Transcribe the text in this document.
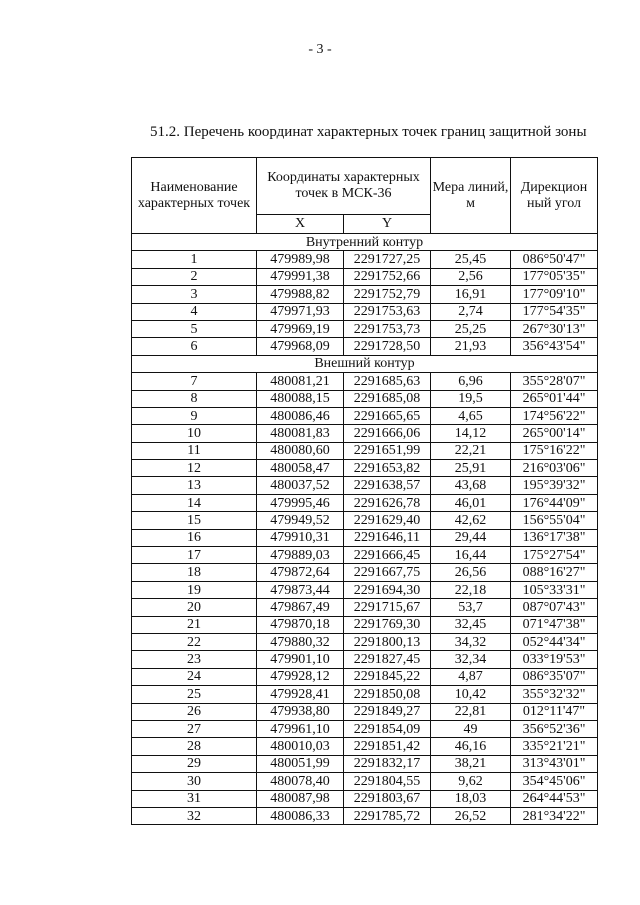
- 3 -
51.2. Перечень координат характерных точек границ защитной зоны
Наименование характерных точек	Координаты характерных точек в МСК-36		Мера линий, м	Дирекцион ный угол
	X	Y		
Внутренний контур				
1	479989,98	2291727,25	25,45	086°50'47"
2	479991,38	2291752,66	2,56	177°05'35"
3	479988,82	2291752,79	16,91	177°09'10"
4	479971,93	2291753,63	2,74	177°54'35"
5	479969,19	2291753,73	25,25	267°30'13"
6	479968,09	2291728,50	21,93	356°43'54"
Внешний контур				
7	480081,21	2291685,63	6,96	355°28'07"
8	480088,15	2291685,08	19,5	265°01'44"
9	480086,46	2291665,65	4,65	174°56'22"
10	480081,83	2291666,06	14,12	265°00'14"
11	480080,60	2291651,99	22,21	175°16'22"
12	480058,47	2291653,82	25,91	216°03'06"
13	480037,52	2291638,57	43,68	195°39'32"
14	479995,46	2291626,78	46,01	176°44'09"
15	479949,52	2291629,40	42,62	156°55'04"
16	479910,31	2291646,11	29,44	136°17'38"
17	479889,03	2291666,45	16,44	175°27'54"
18	479872,64	2291667,75	26,56	088°16'27"
19	479873,44	2291694,30	22,18	105°33'31"
20	479867,49	2291715,67	53,7	087°07'43"
21	479870,18	2291769,30	32,45	071°47'38"
22	479880,32	2291800,13	34,32	052°44'34"
23	479901,10	2291827,45	32,34	033°19'53"
24	479928,12	2291845,22	4,87	086°35'07"
25	479928,41	2291850,08	10,42	355°32'32"
26	479938,80	2291849,27	22,81	012°11'47"
27	479961,10	2291854,09	49	356°52'36"
28	480010,03	2291851,42	46,16	335°21'21"
29	480051,99	2291832,17	38,21	313°43'01"
30	480078,40	2291804,55	9,62	354°45'06"
31	480087,98	2291803,67	18,03	264°44'53"
32	480086,33	2291785,72	26,52	281°34'22"
